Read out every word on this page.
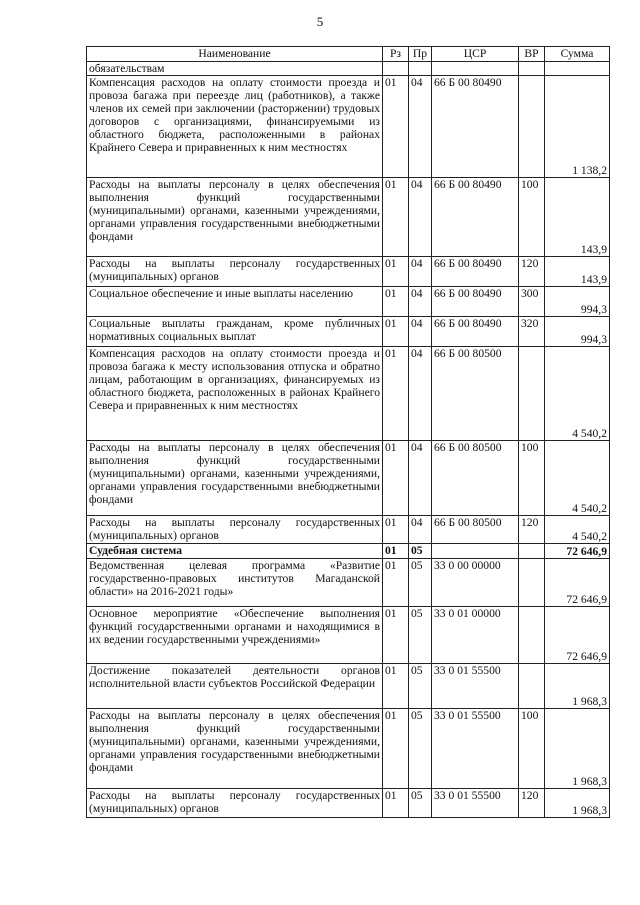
5
Наименование	Рз	Пр	ЦСР	ВР	Сумма
обязательствам					
Компенсация расходов на оплату стоимости проезда и провоза багажа при переезде лиц (работников), а также членов их семей при заключении (расторжении) трудовых договоров с организациями, финансируемыми из областного бюджета, расположенными в районах Крайнего Севера и приравненных к ним местностях	01	04	66 Б 00 80490		1 138,2
Расходы на выплаты персоналу в целях обеспечения выполнения функций государственными (муниципальными) органами, казенными учреждениями, органами управления государственными внебюджетными фондами	01	04	66 Б 00 80490	100	143,9
Расходы на выплаты персоналу государственных (муниципальных) органов	01	04	66 Б 00 80490	120	143,9
Социальное обеспечение и иные выплаты населению	01	04	66 Б 00 80490	300	994,3
Социальные выплаты гражданам, кроме публичных нормативных социальных выплат	01	04	66 Б 00 80490	320	994,3
Компенсация расходов на оплату стоимости проезда и провоза багажа к месту использования отпуска и обратно лицам, работающим в организациях, финансируемых из областного бюджета, расположенных в районах Крайнего Севера и приравненных к ним местностях	01	04	66 Б 00 80500		4 540,2
Расходы на выплаты персоналу в целях обеспечения выполнения функций государственными (муниципальными) органами, казенными учреждениями, органами управления государственными внебюджетными фондами	01	04	66 Б 00 80500	100	4 540,2
Расходы на выплаты персоналу государственных (муниципальных) органов	01	04	66 Б 00 80500	120	4 540,2
Судебная система	01	05			72 646,9
Ведомственная целевая программа «Развитие государственно-правовых институтов Магаданской области» на 2016-2021 годы»	01	05	33 0 00 00000		72 646,9
Основное мероприятие «Обеспечение выполнения функций государственными органами и находящимися в их ведении государственными учреждениями»	01	05	33 0 01 00000		72 646,9
Достижение показателей деятельности органов исполнительной власти субъектов Российской Федерации	01	05	33 0 01 55500		1 968,3
Расходы на выплаты персоналу в целях обеспечения выполнения функций государственными (муниципальными) органами, казенными учреждениями, органами управления государственными внебюджетными фондами	01	05	33 0 01 55500	100	1 968,3
Расходы на выплаты персоналу государственных (муниципальных) органов	01	05	33 0 01 55500	120	1 968,3
